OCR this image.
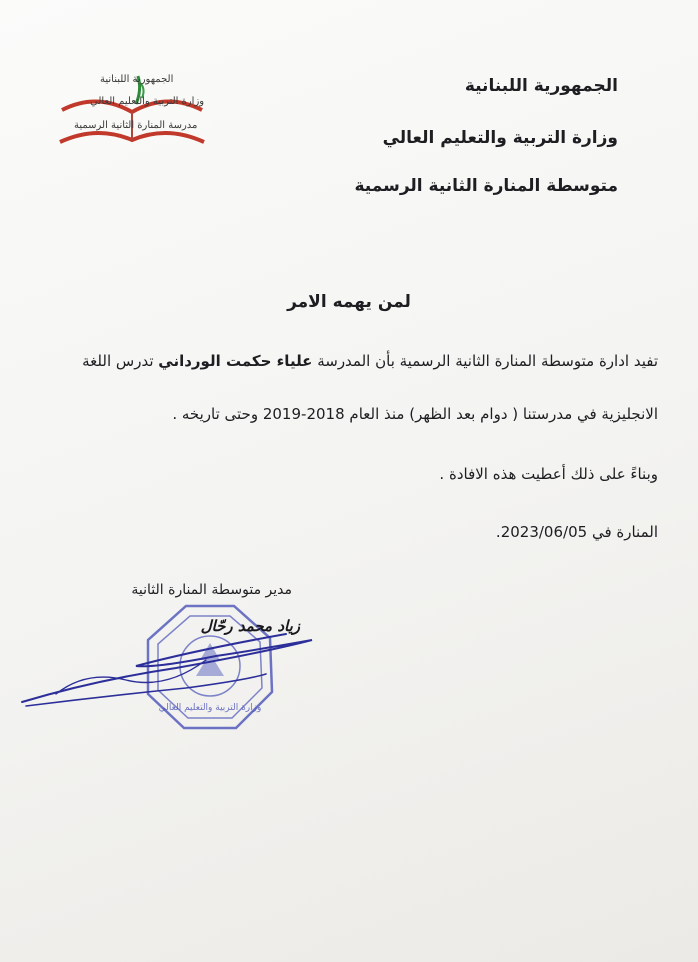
الجمهورية اللبنانية
وزارة التربية والتعليم العالي
مدرسة المنارة الثانية الرسمية
الجمهورية اللبنانية
وزارة التربية والتعليم العالي
متوسطة المنارة الثانية الرسمية
لمن يهمه الامر
تفيد ادارة متوسطة المنارة الثانية الرسمية بأن المدرسة علياء حكمت الورداني تدرس اللغة
الانجليزية في مدرستنا ( دوام بعد الظهر) منذ العام 2018-2019 وحتى تاريخه .
وبناءً على ذلك أعطيت هذه الافادة .
المنارة في 2023/06/05.
وزارة التربية والتعليم العالي
مدير متوسطة المنارة الثانية
زياد محمد رحّال
